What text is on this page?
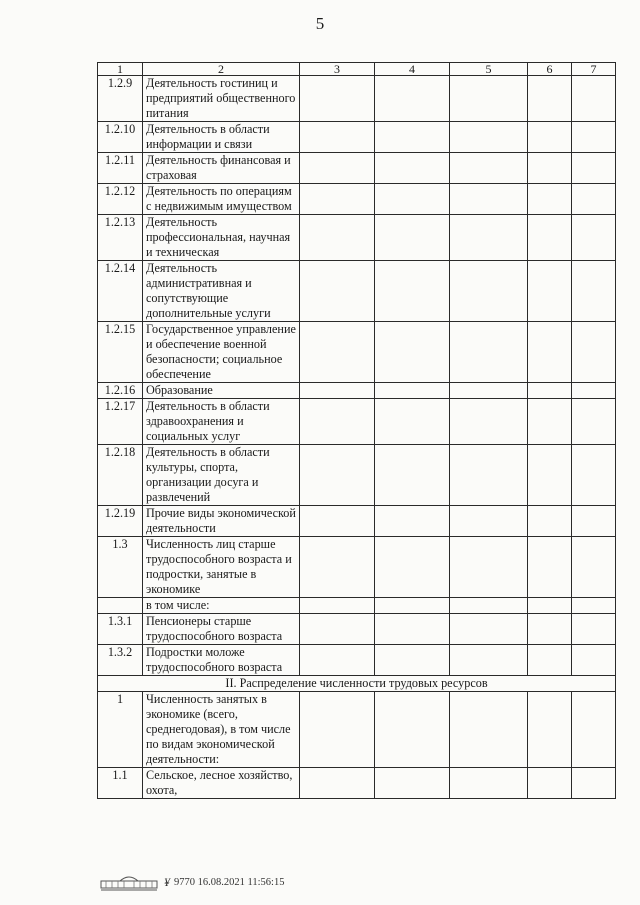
5
1	2	3	4	5	6	7
1.2.9	Деятельность гостиниц и предприятий общественного питания					
1.2.10	Деятельность в области информации и связи					
1.2.11	Деятельность финансовая и страховая					
1.2.12	Деятельность по операциям с недвижимым имуществом					
1.2.13	Деятельность профессиональная, научная и техническая					
1.2.14	Деятельность административная и сопутствующие дополнительные услуги					
1.2.15	Государственное управление и обеспечение военной безопасности; социальное обеспечение					
1.2.16	Образование					
1.2.17	Деятельность в области здравоохранения и социальных услуг					
1.2.18	Деятельность в области культуры, спорта, организации досуга и развлечений					
1.2.19	Прочие виды экономической деятельности					
1.3	Численность лиц старше трудоспособного возраста и подростки, занятые в экономике					
	в том числе:					
1.3.1	Пенсионеры старше трудоспособного возраста					
1.3.2	Подростки моложе трудоспособного возраста					
II. Распределение численности трудовых ресурсов						
1	Численность занятых в экономике (всего, среднегодовая), в том числе по видам экономической деятельности:					
1.1	Сельское, лесное хозяйство, охота,					
¥ 9770 16.08.2021 11:56:15
